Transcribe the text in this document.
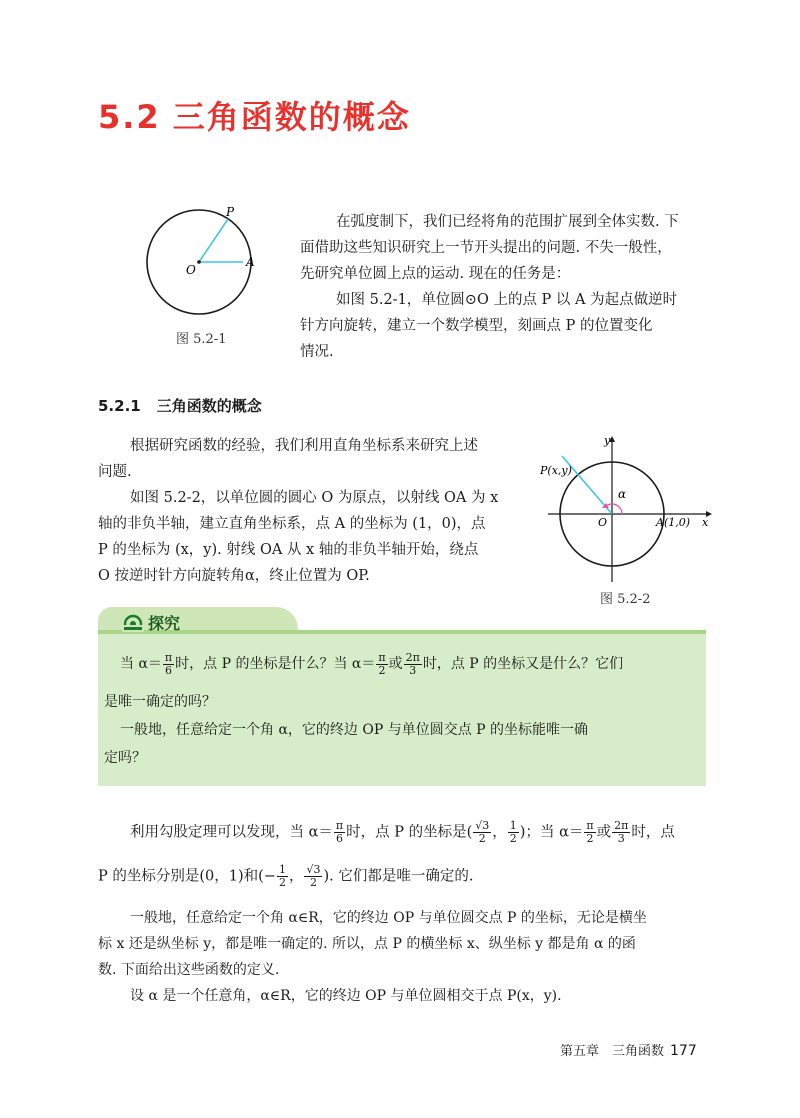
5.2 三角函数的概念
P
O
A
图 5.2-1
在弧度制下，我们已经将角的范围扩展到全体实数. 下
面借助这些知识研究上一节开头提出的问题. 不失一般性，
先研究单位圆上点的运动. 现在的任务是：
如图 5.2-1，单位圆⊙O 上的点 P 以 A 为起点做逆时
针方向旋转，建立一个数学模型，刻画点 P 的位置变化
情况.
5.2.1 三角函数的概念
根据研究函数的经验，我们利用直角坐标系来研究上述
问题.
如图 5.2-2，以单位圆的圆心 O 为原点，以射线 OA 为 x
轴的非负半轴，建立直角坐标系，点 A 的坐标为 (1，0)，点
P 的坐标为 (x，y). 射线 OA 从 x 轴的非负半轴开始，绕点
O 按逆时针方向旋转角α，终止位置为 OP.
y
x
P(x,y)
O	A(1,0)
α
图 5.2-2
探究
当 $\alpha= \frac{\pi}{6}$ 时，点 P 的坐标是什么？当 $\alpha= \frac{\pi}{2}$ 或 $\frac{2\pi}{3}$ 时，点 P 的坐标又是什么？它们
是唯一确定的吗？
一般地，任意给定一个角 α，它的终边 OP 与单位圆交点 P 的坐标能唯一确
定吗？
利用勾股定理可以发现，当 $\alpha= \frac{\pi}{6}$ 时，点 P 的坐标是( $\frac{√3}{2}$ ， $\frac{1}{2}$ )；当 $\alpha= \frac{\pi}{2}$ 或 $\frac{2\pi}{3}$ 时，点
P 的坐标分别是(0，1)和(− $\frac{1}{2}$ ， $\frac{√3}{2}$ ). 它们都是唯一确定的.
一般地，任意给定一个角 α∈R，它的终边 OP 与单位圆交点 P 的坐标，无论是横坐
标 x 还是纵坐标 y，都是唯一确定的. 所以，点 P 的横坐标 x、纵坐标 y 都是角 α 的函
数. 下面给出这些函数的定义.
设 α 是一个任意角，α∈R，它的终边 OP 与单位圆相交于点 P(x，y).
第五章　三角函数 177
